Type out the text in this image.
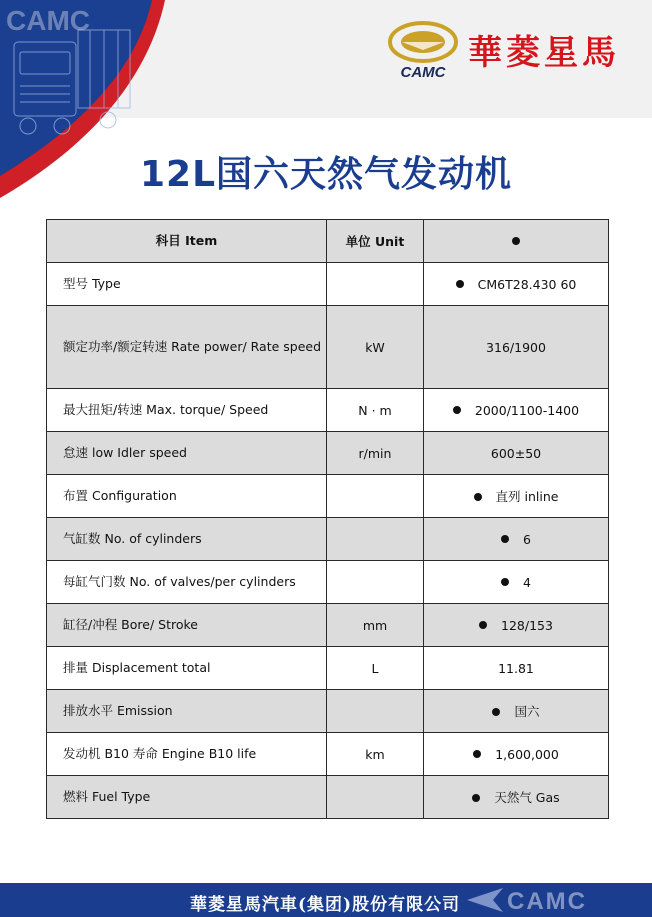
CAMC
CAMC 華菱星馬
12L国六天然气发动机
科目 Item	单位 Unit	
型号 Type		CM6T28.430 60
额定功率/额定转速 Rate power/ Rate speed	kW	316/1900
最大扭矩/转速 Max. torque/ Speed	N · m	2000/1100-1400
怠速 low Idler speed	r/min	600±50
布置 Configuration		直列 inline
气缸数 No. of cylinders		6
每缸气门数 No. of valves/per cylinders		4
缸径/冲程 Bore/ Stroke	mm	128/153
排量 Displacement total	L	11.81
排放水平 Emission		国六
发动机 B10 寿命 Engine B10 life	km	1,600,000
燃料 Fuel Type		天然气 Gas
華菱星馬汽車(集团)股份有限公司 CAMC
